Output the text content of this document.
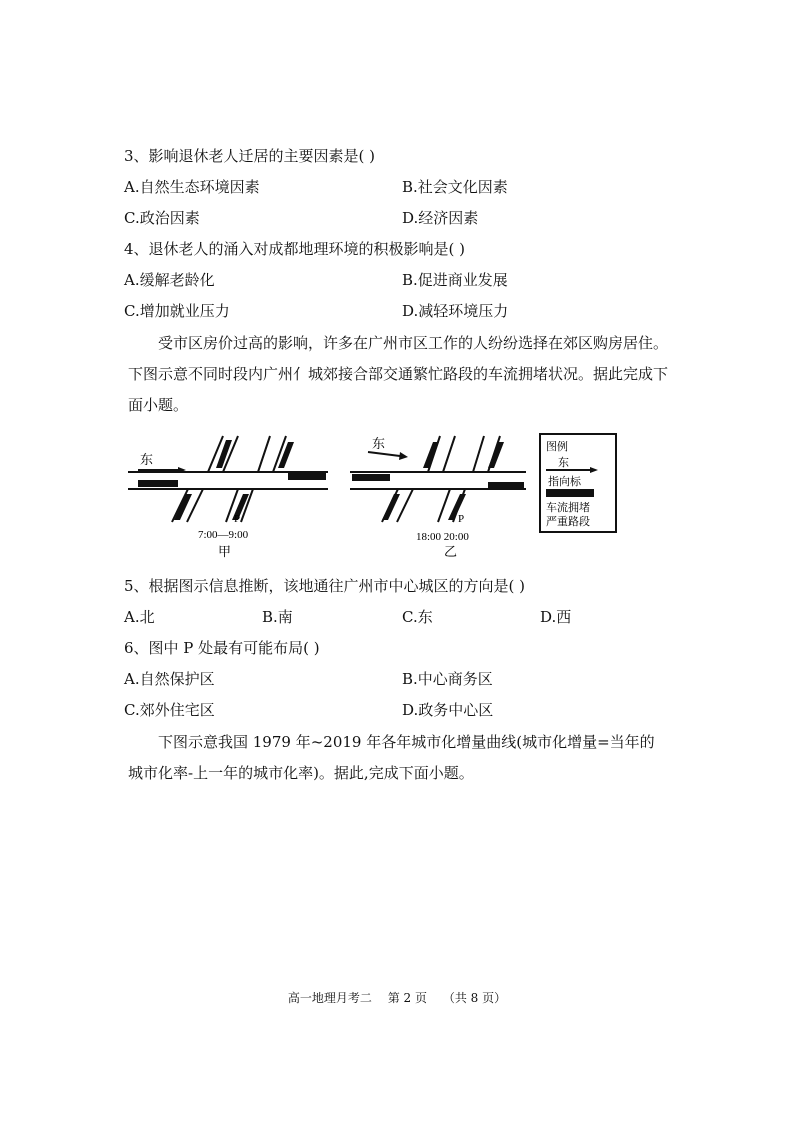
3、影响退休老人迁居的主要因素是( )
A.自然生态环境因素	B.社会文化因素
C.政治因素	D.经济因素
4、退休老人的涌入对成都地理环境的积极影响是( )
A.缓解老龄化	B.促进商业发展
C.增加就业压力	D.减轻环境压力
受市区房价过高的影响，许多在广州市区工作的人纷纷选择在郊区购房居住。下图示意不同时段内广州亻城郊接合部交通繁忙路段的车流拥堵状况。据此完成下面小题。
东
P
7:00—9:00
甲
东
P
18:00 20:00
乙
图例
东
指向标
车流拥堵
严重路段
5、根据图示信息推断，该地通往广州市中心城区的方向是( )
A.北	B.南	C.东	D.西
6、图中 P 处最有可能布局( )
A.自然保护区	B.中心商务区
C.郊外住宅区	D.政务中心区
下图示意我国 1979 年~2019 年各年城市化增量曲线(城市化增量=当年的城市化率-上一年的城市化率)。据此,完成下面小题。
高一地理月考二 第 2 页 （共 8 页）
